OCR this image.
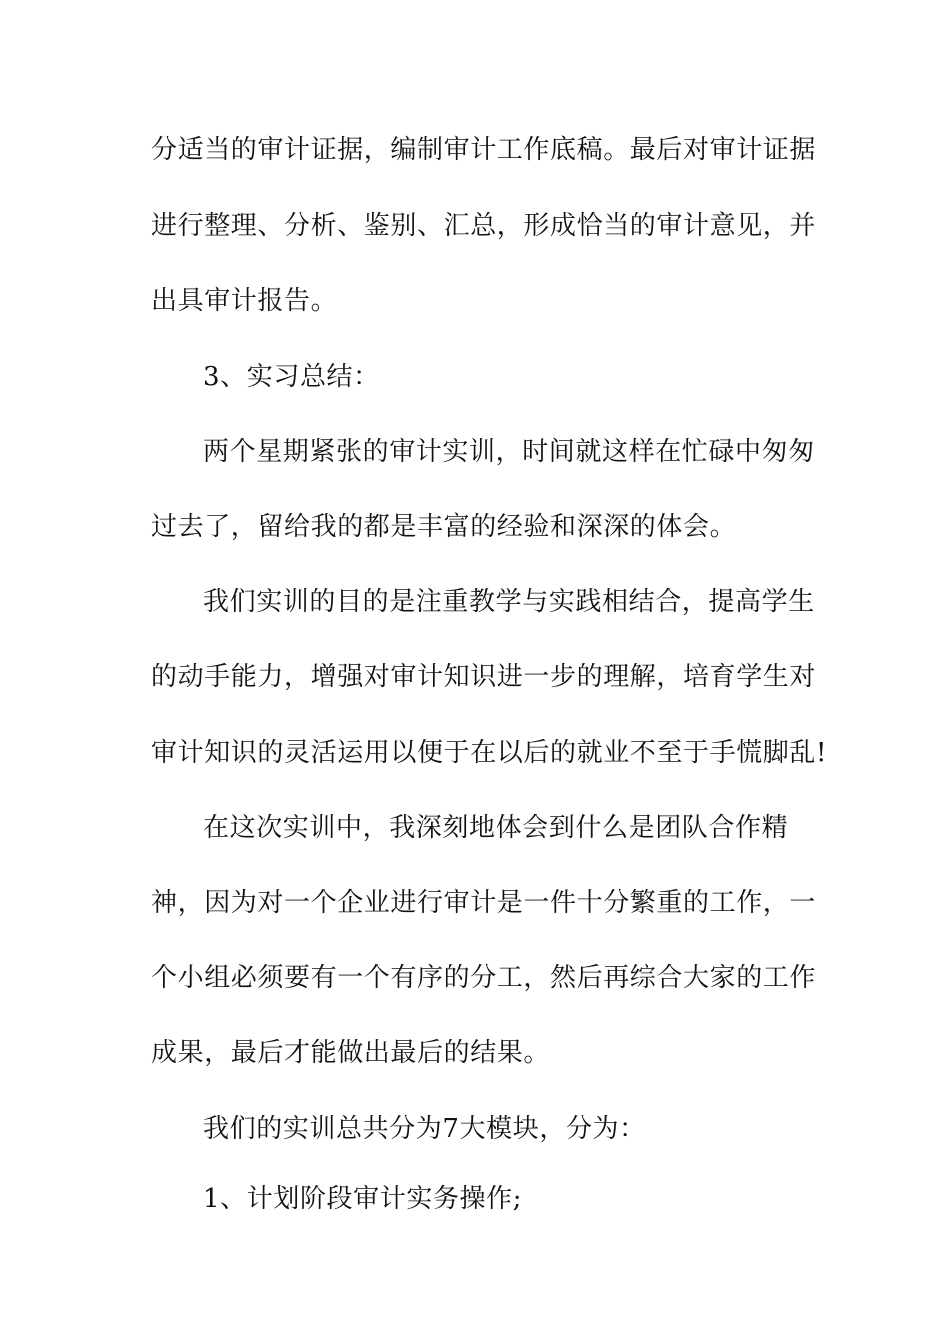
分适当的审计证据，编制审计工作底稿。最后对审计证据
进行整理、分析、鉴别、汇总，形成恰当的审计意见，并
出具审计报告。
3、实习总结：
两个星期紧张的审计实训，时间就这样在忙碌中匆匆
过去了，留给我的都是丰富的经验和深深的体会。
我们实训的目的是注重教学与实践相结合，提高学生
的动手能力，增强对审计知识进一步的理解，培育学生对
审计知识的灵活运用以便于在以后的就业不至于手慌脚乱!
在这次实训中，我深刻地体会到什么是团队合作精
神，因为对一个企业进行审计是一件十分繁重的工作，一
个小组必须要有一个有序的分工，然后再综合大家的工作
成果，最后才能做出最后的结果。
我们的实训总共分为7大模块，分为：
1、计划阶段审计实务操作;
